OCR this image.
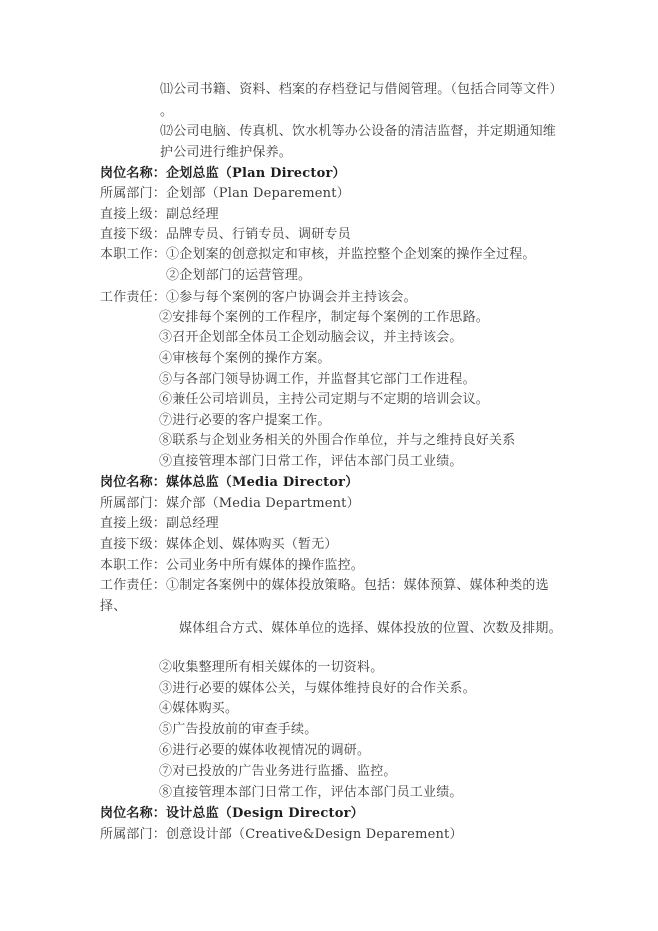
⑾公司书籍、资料、档案的存档登记与借阅管理。（包括合同等文件）
。
⑿公司电脑、传真机、饮水机等办公设备的清洁监督，并定期通知维
护公司进行维护保养。
岗位名称：企划总监（Plan Director）
所属部门：企划部（Plan Deparement）
直接上级：副总经理
直接下级：品牌专员、行销专员、调研专员
本职工作：①企划案的创意拟定和审核，并监控整个企划案的操作全过程。
②企划部门的运营管理。
工作责任：①参与每个案例的客户协调会并主持该会。
②安排每个案例的工作程序，制定每个案例的工作思路。
③召开企划部全体员工企划动脑会议，并主持该会。
④审核每个案例的操作方案。
⑤与各部门领导协调工作，并监督其它部门工作进程。
⑥兼任公司培训员，主持公司定期与不定期的培训会议。
⑦进行必要的客户提案工作。
⑧联系与企划业务相关的外围合作单位，并与之维持良好关系
⑨直接管理本部门日常工作，评估本部门员工业绩。
岗位名称：媒体总监（Media Director）
所属部门：媒介部（Media Department）
直接上级：副总经理
直接下级：媒体企划、媒体购买（暂无）
本职工作：公司业务中所有媒体的操作监控。
工作责任：①制定各案例中的媒体投放策略。包括：媒体预算、媒体种类的选
择、
媒体组合方式、媒体单位的选择、媒体投放的位置、次数及排期。
②收集整理所有相关媒体的一切资料。
③进行必要的媒体公关，与媒体维持良好的合作关系。
④媒体购买。
⑤广告投放前的审查手续。
⑥进行必要的媒体收视情况的调研。
⑦对已投放的广告业务进行监播、监控。
⑧直接管理本部门日常工作，评估本部门员工业绩。
岗位名称：设计总监（Design Director）
所属部门：创意设计部（Creative&Design Deparement）
